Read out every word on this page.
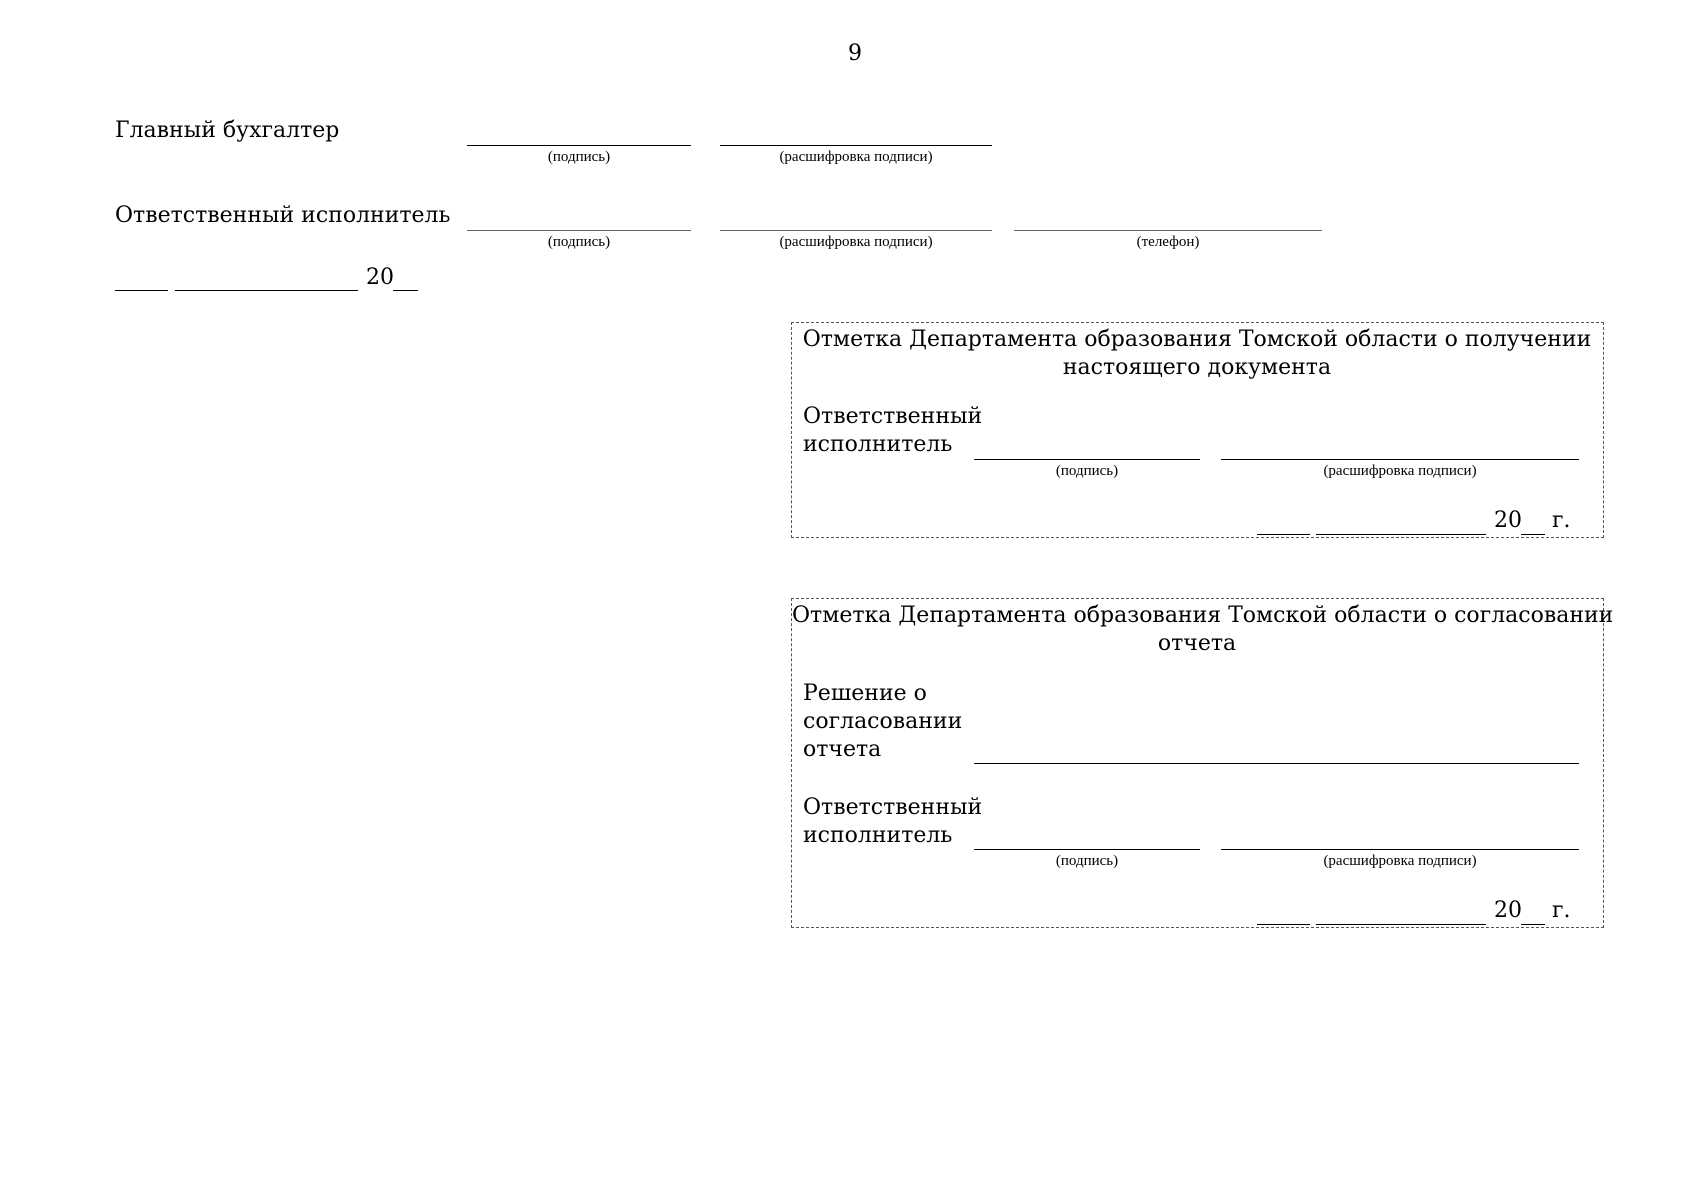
9
Главный бухгалтер
(подпись)	(расшифровка подписи)
Ответственный исполнитель
(подпись)	(расшифровка подписи)	(телефон)
20
Отметка Департамента образования Томской области о получении
настоящего документа
Ответственный
исполнитель
(подпись)	(расшифровка подписи)
20 г.
Отметка Департамента образования Томской области о согласовании
отчета
Решение о
согласовании
отчета
Ответственный
исполнитель
(подпись)	(расшифровка подписи)
20 г.
